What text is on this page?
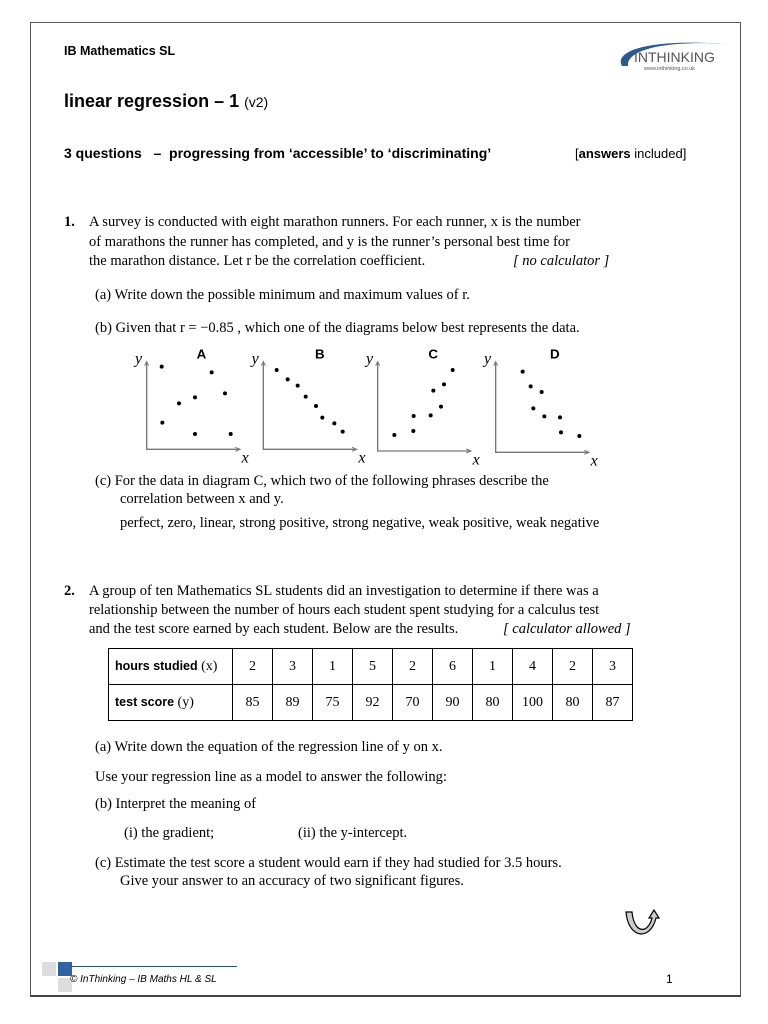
IB Mathematics SL	INTHINKING
www.inthinking.co.uk
linear regression – 1 (v2)
3 questions – progressing from ‘accessible’ to ‘discriminating’	[answers included]
1. A survey is conducted with eight marathon runners. For each runner, x is the number
of marathons the runner has completed, and y is the runner’s personal best time for
the marathon distance. Let r be the correlation coefficient.	[ no calculator ]
(a) Write down the possible minimum and maximum values of r.
(b) Given that r = −0.85 , which one of the diagrams below best represents the data.
y
x
A y
x
B y
x
C y
x
D
(c) For the data in diagram C, which two of the following phrases describe the
correlation between x and y.
perfect, zero, linear, strong positive, strong negative, weak positive, weak negative
2. A group of ten Mathematics SL students did an investigation to determine if there was a
relationship between the number of hours each student spent studying for a calculus test
and the test score earned by each student. Below are the results.	[ calculator allowed ]
hours studied (x)	2	3	1	5	2	6	1	4	2	3
test score (y)	85	89	75	92	70	90	80	100	80	87
(a) Write down the equation of the regression line of y on x.
Use your regression line as a model to answer the following:
(b) Interpret the meaning of
(i) the gradient;	(ii) the y-intercept.
(c) Estimate the test score a student would earn if they had studied for 3.5 hours.
Give your answer to an accuracy of two significant figures.
© InThinking – IB Maths HL & SL	1
